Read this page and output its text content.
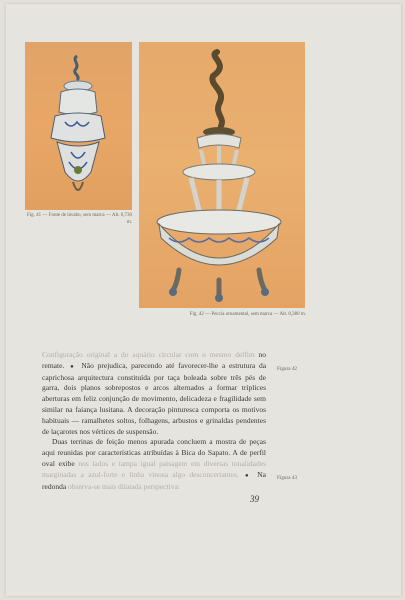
Fig. 41 — Fonte de lavabo, sem marca — Alt. 0,730 m.
Fig. 42 — Peccia ornamental, sem marca — Alt. 0,380 m.

Configuração original a do aquário circular com o mesmo delfim no remate. ● Não prejudica, parecendo até favorecer-lhe a estrutura da caprichosa arquitectura constituída por taça boleada sobre três pés de garra, dois planos sobrepostos e arcos alternados a formar tríplices aberturas em feliz conjunção de movimento, delicadeza e fragilidade sem similar na faiança lusitana. A decoração pinturesca comporta os motivos habituais — ramalhetes soltos, folhagens, arbustos e grinaldas pendentes de laçarotes nos vértices de suspensão.

Duas terrinas de feição menos apurada concluem a mostra de peças aqui reunidas por características atribuídas à Bica do Sapato. A de perfil oval exibe nos lados e tampa igual paisagem em diversas tonalidades marginadas a azul-forte e linha vinosa algo desconcertantes. ● Na redonda observa-se mais dilatada perspectiva:

Figura 42
Figura 43
39
